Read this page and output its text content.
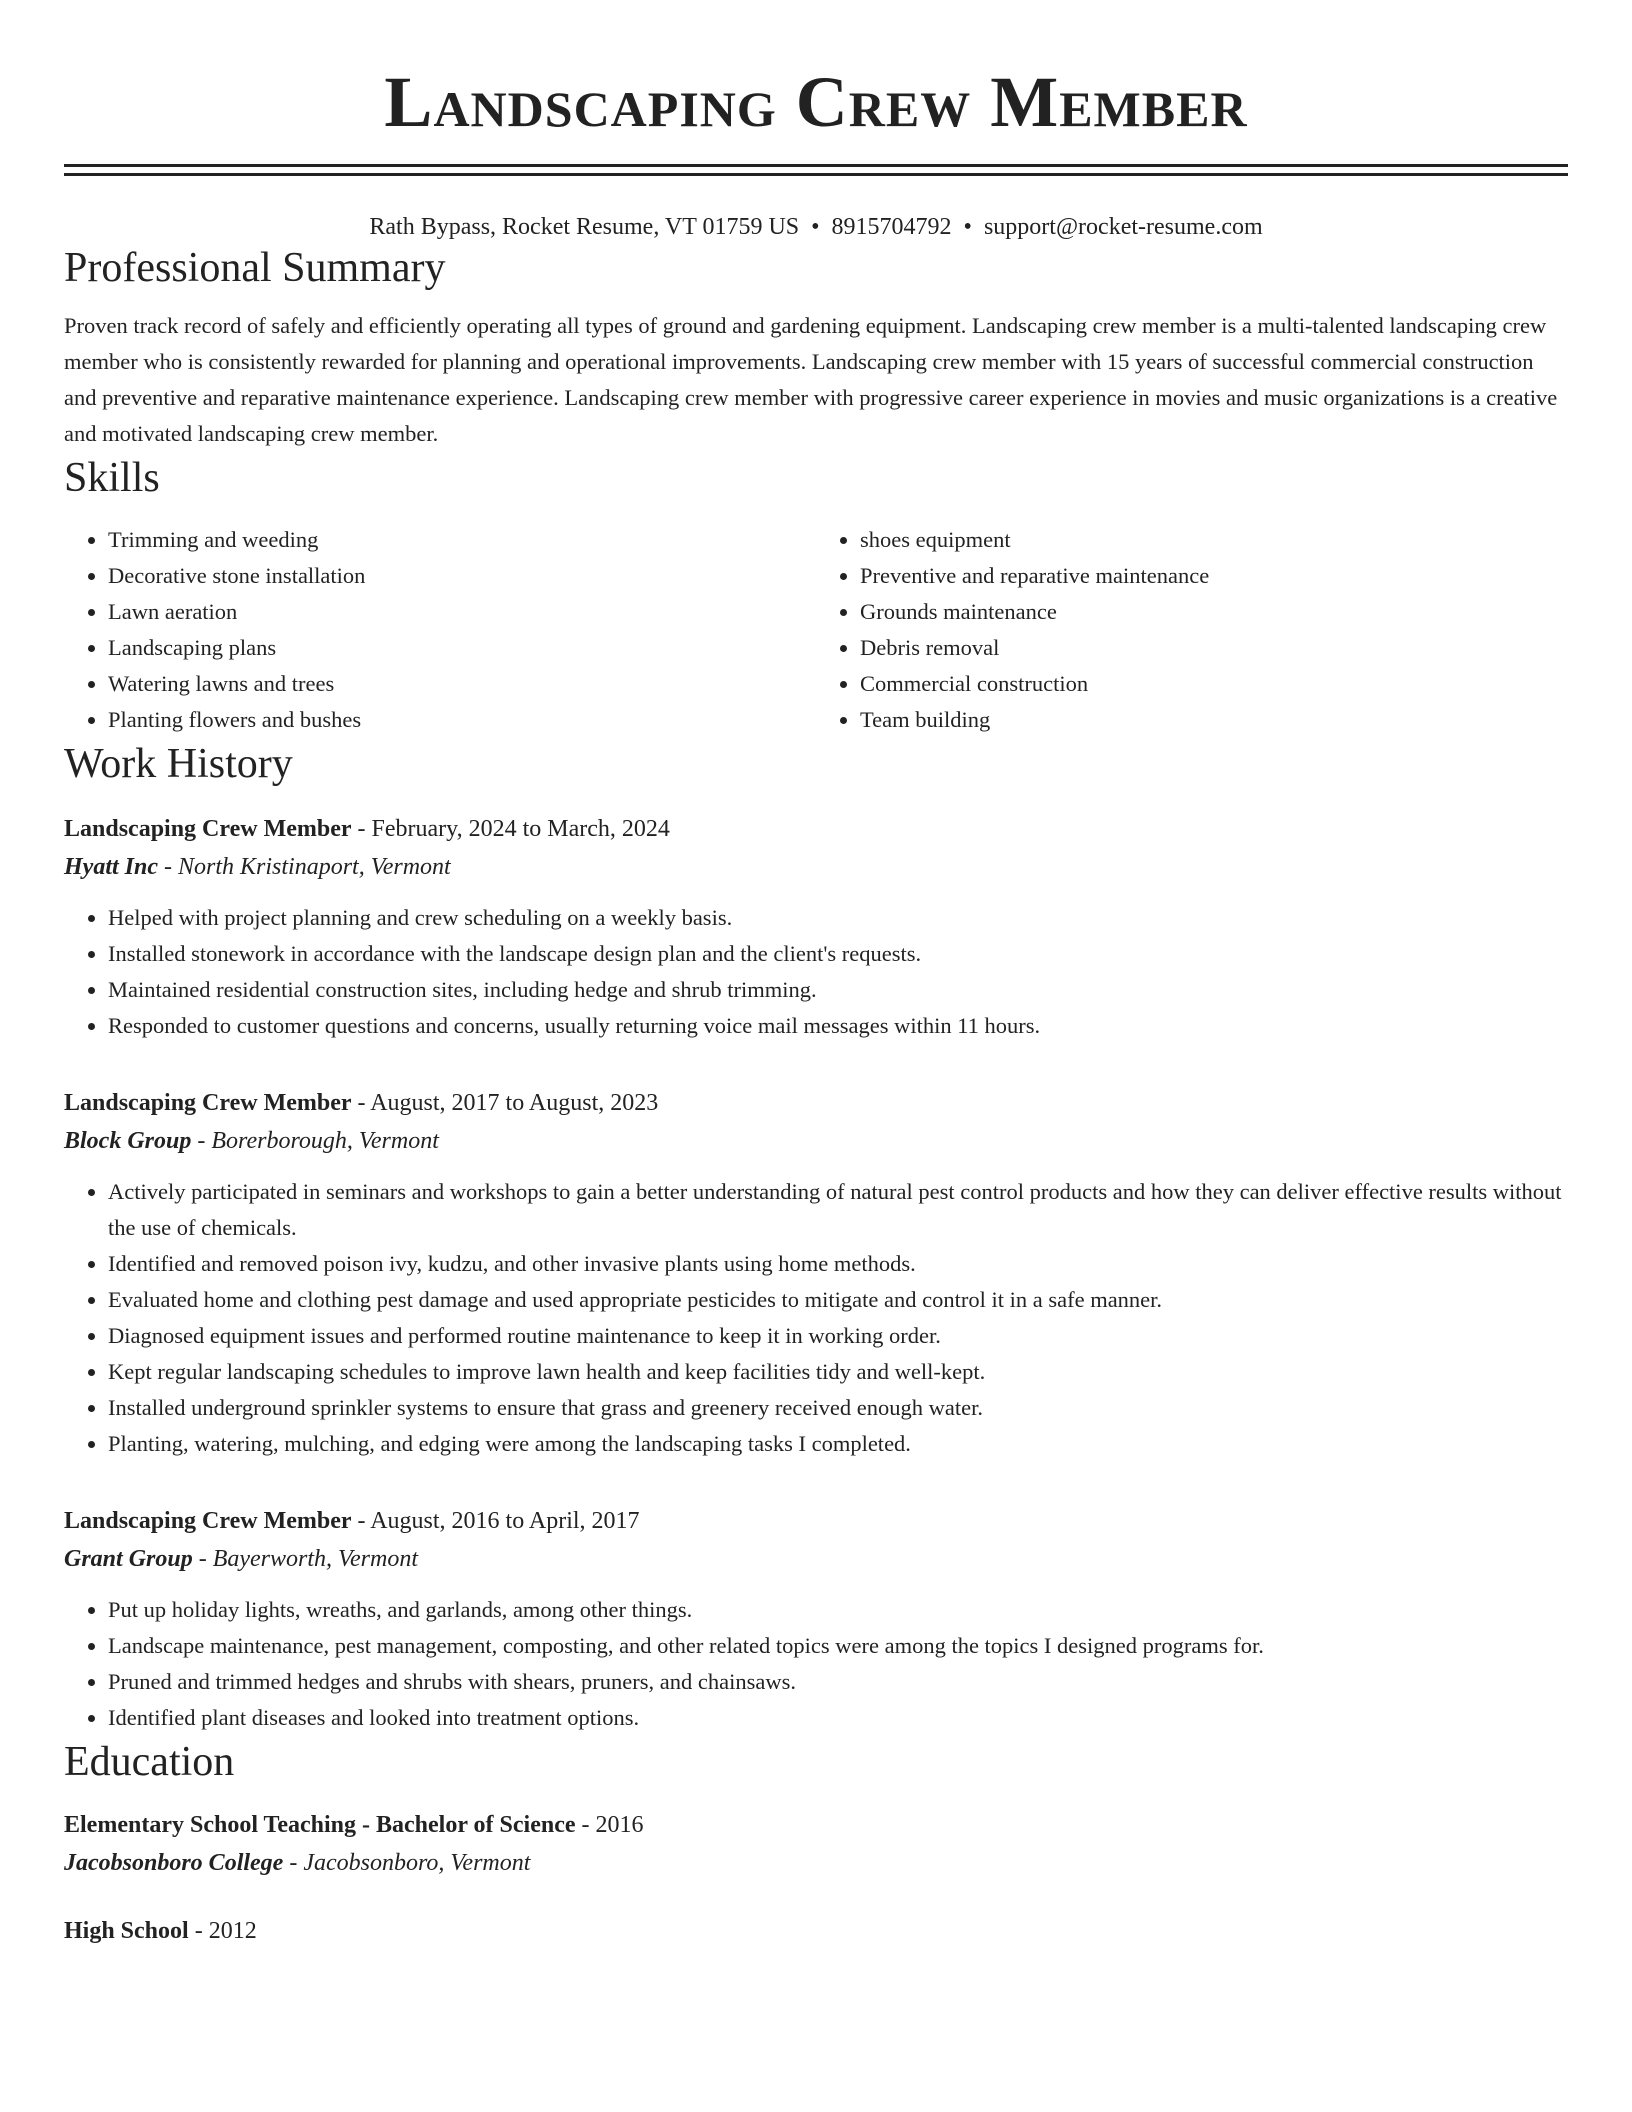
Landscaping Crew Member
Rath Bypass, Rocket Resume, VT 01759 US • 8915704792 • support@rocket-resume.com
Professional Summary
Proven track record of safely and efficiently operating all types of ground and gardening equipment. Landscaping crew member is a multi-talented landscaping crew member who is consistently rewarded for planning and operational improvements. Landscaping crew member with 15 years of successful commercial construction and preventive and reparative maintenance experience. Landscaping crew member with progressive career experience in movies and music organizations is a creative and motivated landscaping crew member.
Skills
• Trimming and weeding
• Decorative stone installation
• Lawn aeration
• Landscaping plans
• Watering lawns and trees
• Planting flowers and bushes
• shoes equipment
• Preventive and reparative maintenance
• Grounds maintenance
• Debris removal
• Commercial construction
• Team building
Work History
Landscaping Crew Member - February, 2024 to March, 2024
Hyatt Inc - North Kristinaport, Vermont
• Helped with project planning and crew scheduling on a weekly basis.
• Installed stonework in accordance with the landscape design plan and the client's requests.
• Maintained residential construction sites, including hedge and shrub trimming.
• Responded to customer questions and concerns, usually returning voice mail messages within 11 hours.
Landscaping Crew Member - August, 2017 to August, 2023
Block Group - Borerborough, Vermont
• Actively participated in seminars and workshops to gain a better understanding of natural pest control products and how they can deliver effective results without the use of chemicals.
• Identified and removed poison ivy, kudzu, and other invasive plants using home methods.
• Evaluated home and clothing pest damage and used appropriate pesticides to mitigate and control it in a safe manner.
• Diagnosed equipment issues and performed routine maintenance to keep it in working order.
• Kept regular landscaping schedules to improve lawn health and keep facilities tidy and well-kept.
• Installed underground sprinkler systems to ensure that grass and greenery received enough water.
• Planting, watering, mulching, and edging were among the landscaping tasks I completed.
Landscaping Crew Member - August, 2016 to April, 2017
Grant Group - Bayerworth, Vermont
• Put up holiday lights, wreaths, and garlands, among other things.
• Landscape maintenance, pest management, composting, and other related topics were among the topics I designed programs for.
• Pruned and trimmed hedges and shrubs with shears, pruners, and chainsaws.
• Identified plant diseases and looked into treatment options.
Education
Elementary School Teaching - Bachelor of Science - 2016
Jacobsonboro College - Jacobsonboro, Vermont
High School - 2012
